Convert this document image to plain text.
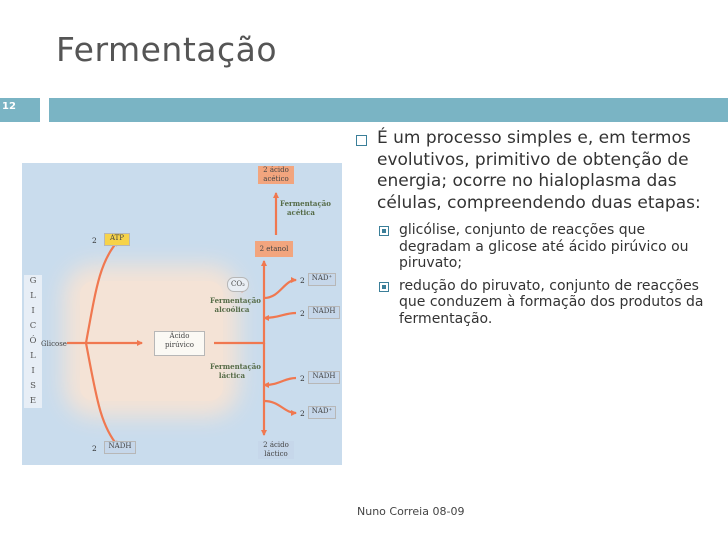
Fermentação
12
G
L
I
C
Ó
L
I
S
E
Glicose
Ácido pirúvico
2	ATP
2	NADH
2 ácido acético
Fermentação acética
2 etanol
CO₂
Fermentação alcoólica
Fermentação láctica
2 NAD⁺
2	NADH
2	NADH
2 NAD⁺
2 ácido láctico
É um processo simples e, em termos evolutivos, primitivo de obtenção de energia; ocorre no hialoplasma das células, compreendendo duas etapas:
glicólise, conjunto de reacções que degradam a glicose até ácido pirúvico ou piruvato;
redução do piruvato, conjunto de reacções que conduzem à formação dos produtos da fermentação.
Nuno Correia 08-09
